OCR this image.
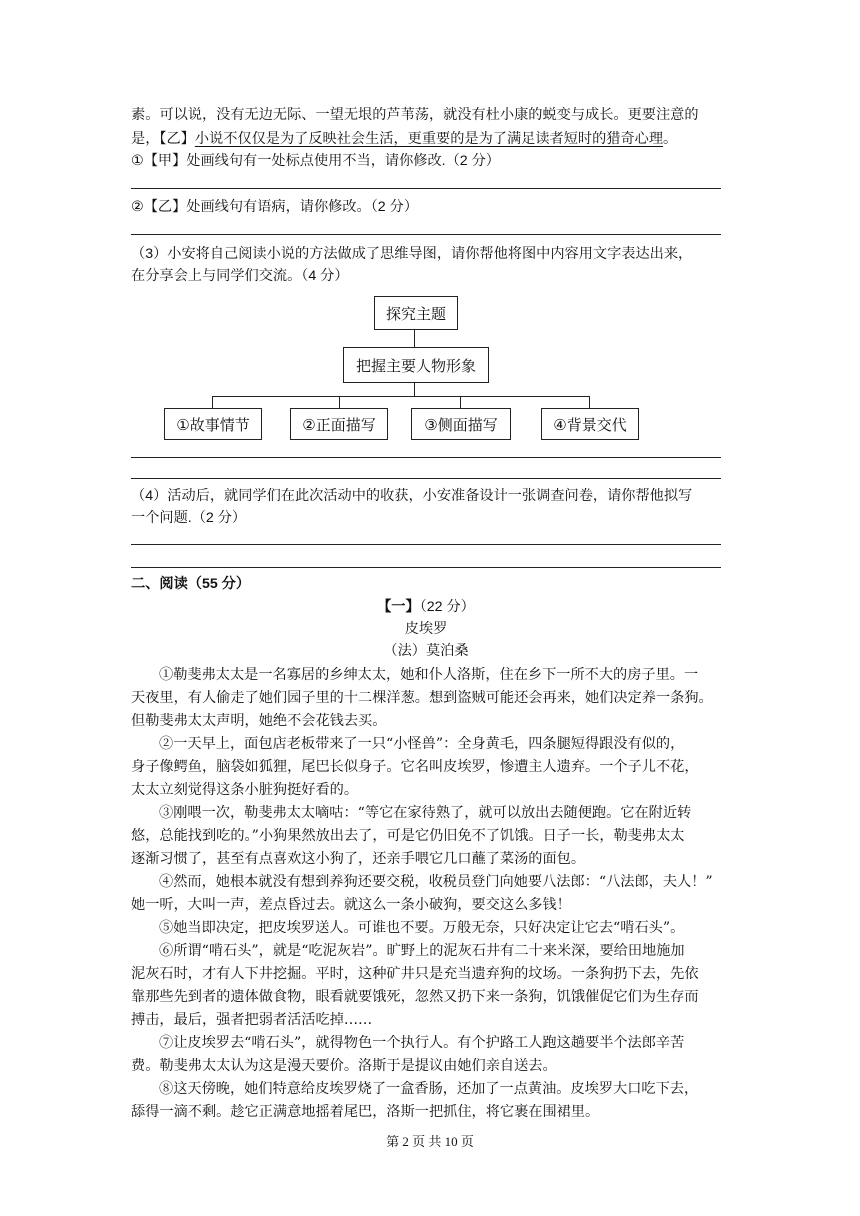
素。可以说，没有无边无际、一望无垠的芦苇荡，就没有杜小康的蜕变与成长。更要注意的
是，【乙】小说不仅仅是为了反映社会生活，更重要的是为了满足读者短时的猎奇心理。
①【甲】处画线句有一处标点使用不当，请你修改.（2 分）
②【乙】处画线句有语病，请你修改。（2 分）
（3）小安将自己阅读小说的方法做成了思维导图，请你帮他将图中内容用文字表达出来，
在分享会上与同学们交流。（4 分）
探究主题
把握主要人物形象
①故事情节	②正面描写	③侧面描写	④背景交代
（4）活动后，就同学们在此次活动中的收获，小安准备设计一张调查问卷，请你帮他拟写
一个问题.（2 分）
二、阅读（55 分）
【一】（22 分）
皮埃罗
（法）莫泊桑
①勒斐弗太太是一名寡居的乡绅太太，她和仆人洛斯，住在乡下一所不大的房子里。一
天夜里，有人偷走了她们园子里的十二棵洋葱。想到盗贼可能还会再来，她们决定养一条狗。
但勒斐弗太太声明，她绝不会花钱去买。
②一天早上，面包店老板带来了一只“小怪兽”：全身黄毛，四条腿短得跟没有似的，
身子像鳄鱼，脑袋如狐狸，尾巴长似身子。它名叫皮埃罗，惨遭主人遗弃。一个子儿不花，
太太立刻觉得这条小脏狗挺好看的。
③刚喂一次，勒斐弗太太嘀咕：“等它在家待熟了，就可以放出去随便跑。它在附近转
悠，总能找到吃的。”小狗果然放出去了，可是它仍旧免不了饥饿。日子一长，勒斐弗太太
逐渐习惯了，甚至有点喜欢这小狗了，还亲手喂它几口蘸了菜汤的面包。
④然而，她根本就没有想到养狗还要交税，收税员登门向她要八法郎：“八法郎，夫人！”
她一听，大叫一声，差点昏过去。就这么一条小破狗，要交这么多钱！
⑤她当即决定，把皮埃罗送人。可谁也不要。万般无奈，只好决定让它去“啃石头”。
⑥所谓“啃石头”，就是“吃泥灰岩”。旷野上的泥灰石井有二十来米深，要给田地施加
泥灰石时，才有人下井挖掘。平时，这种矿井只是充当遗弃狗的坟场。一条狗扔下去，先依
靠那些先到者的遗体做食物，眼看就要饿死，忽然又扔下来一条狗，饥饿催促它们为生存而
搏击，最后，强者把弱者活活吃掉……
⑦让皮埃罗去“啃石头”，就得物色一个执行人。有个护路工人跑这趟要半个法郎辛苦
费。勒斐弗太太认为这是漫天要价。洛斯于是提议由她们亲自送去。
⑧这天傍晚，她们特意给皮埃罗烧了一盒香肠，还加了一点黄油。皮埃罗大口吃下去，
舔得一滴不剩。趁它正满意地摇着尾巴，洛斯一把抓住，将它裹在围裙里。
第 2 页 共 10 页
